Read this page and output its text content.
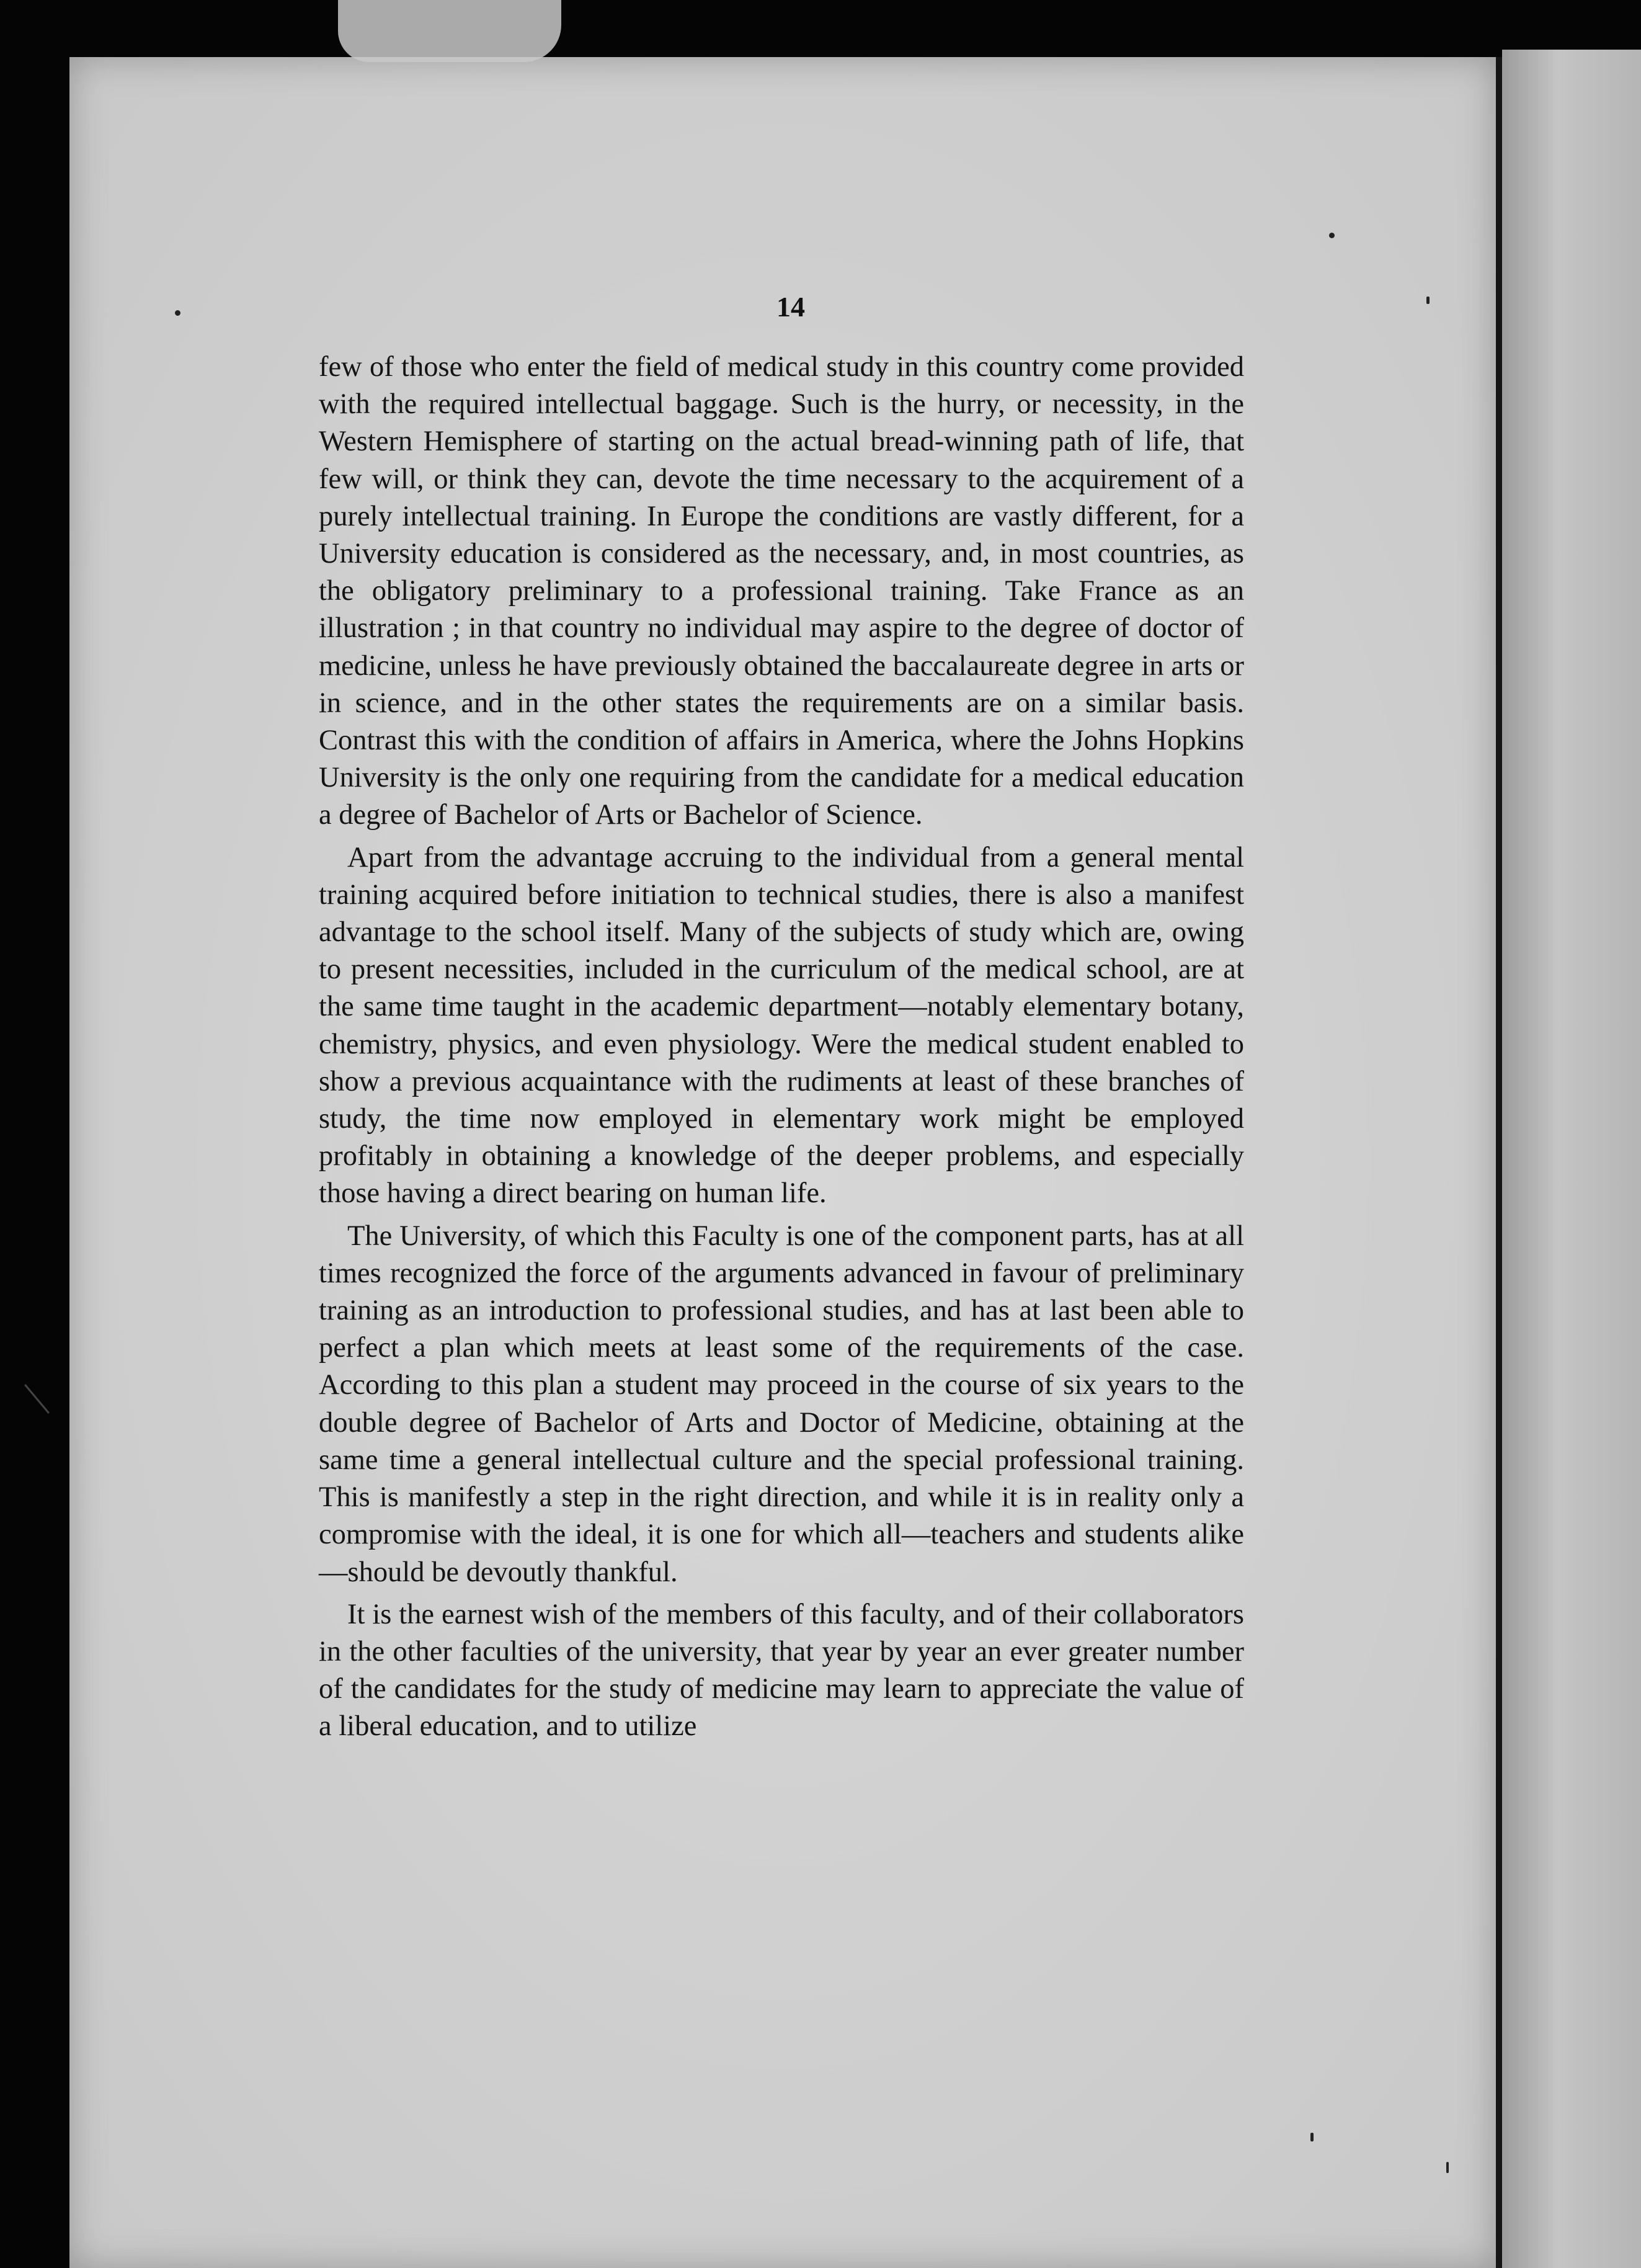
14

few of those who enter the field of medical study in this country come provided with the required intellectual baggage. Such is the hurry, or necessity, in the Western Hemisphere of starting on the actual bread-winning path of life, that few will, or think they can, devote the time necessary to the acquirement of a purely intellectual training. In Europe the conditions are vastly different, for a University education is considered as the necessary, and, in most countries, as the obligatory preliminary to a professional training. Take France as an illustration ; in that country no individual may aspire to the degree of doctor of medicine, unless he have previously obtained the baccalaureate degree in arts or in science, and in the other states the requirements are on a similar basis. Contrast this with the condition of affairs in America, where the Johns Hopkins University is the only one requiring from the candidate for a medical education a degree of Bachelor of Arts or Bachelor of Science.

Apart from the advantage accruing to the individual from a general mental training acquired before initiation to technical studies, there is also a manifest advantage to the school itself. Many of the subjects of study which are, owing to present necessities, included in the curriculum of the medical school, are at the same time taught in the academic department—notably elementary botany, chemistry, physics, and even physiology. Were the medical student enabled to show a previous acquaintance with the rudiments at least of these branches of study, the time now employed in elementary work might be employed profitably in obtaining a knowledge of the deeper problems, and especially those having a direct bearing on human life.

The University, of which this Faculty is one of the component parts, has at all times recognized the force of the arguments advanced in favour of preliminary training as an introduction to professional studies, and has at last been able to perfect a plan which meets at least some of the requirements of the case. According to this plan a student may proceed in the course of six years to the double degree of Bachelor of Arts and Doctor of Medicine, obtaining at the same time a general intellectual culture and the special professional training. This is manifestly a step in the right direction, and while it is in reality only a compromise with the ideal, it is one for which all—teachers and students alike—should be devoutly thankful.

It is the earnest wish of the members of this faculty, and of their collaborators in the other faculties of the university, that year by year an ever greater number of the candidates for the study of medicine may learn to appreciate the value of a liberal education, and to utilize
